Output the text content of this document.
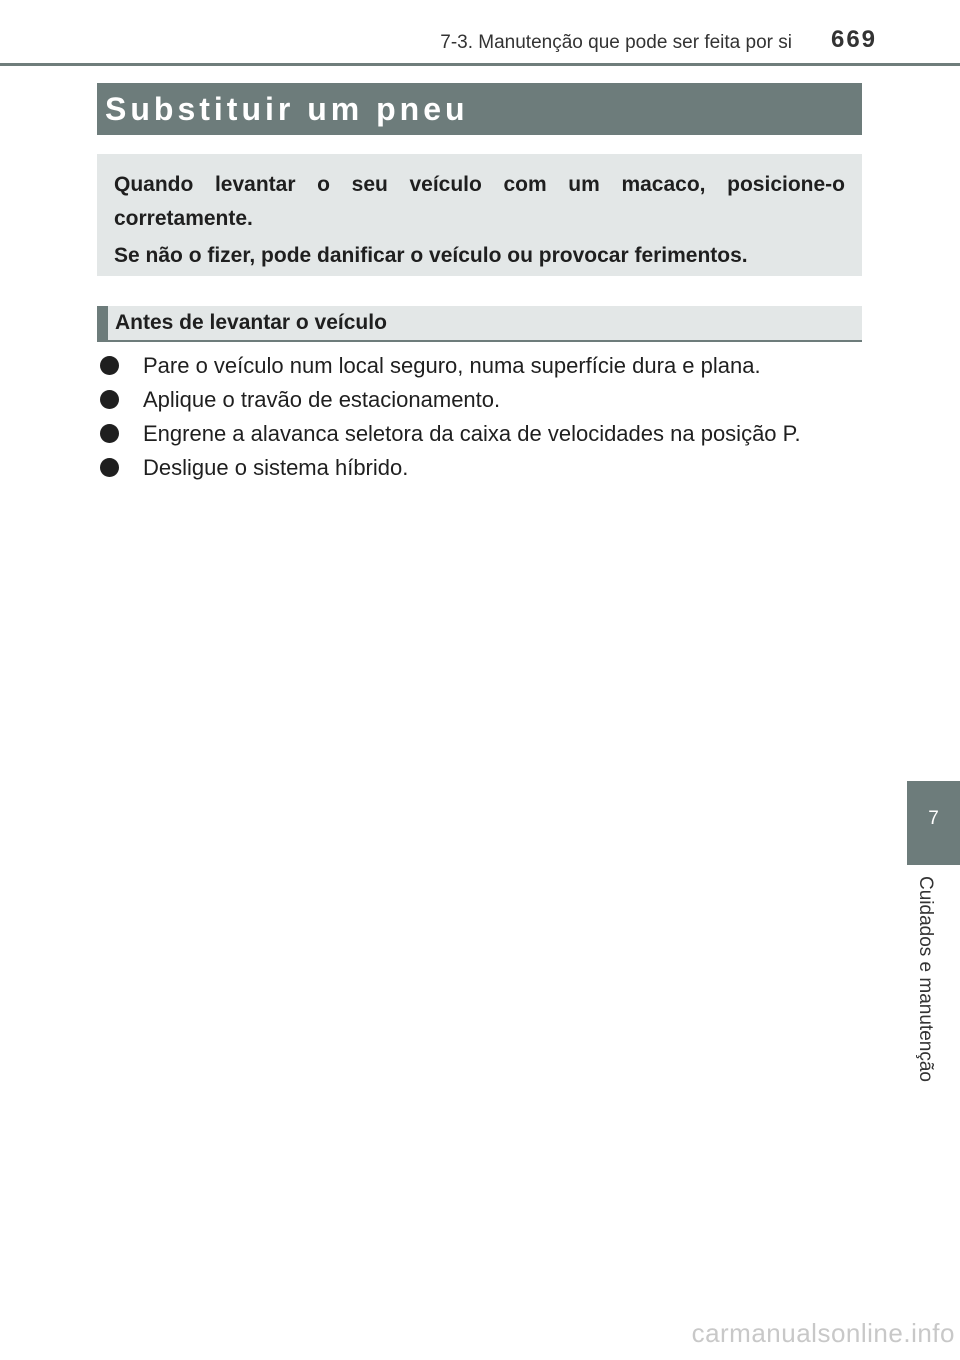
7-3. Manutenção que pode ser feita por si	669
Substituir um pneu

Quando levantar o seu veículo com um macaco, posicione-o corretamente.

Se não o fizer, pode danificar o veículo ou provocar ferimentos.

Antes de levantar o veículo
Pare o veículo num local seguro, numa superfície dura e plana.
Aplique o travão de estacionamento.
Engrene a alavanca seletora da caixa de velocidades na posição P.
Desligue o sistema híbrido.
7
Cuidados e manutenção
carmanualsonline.info
